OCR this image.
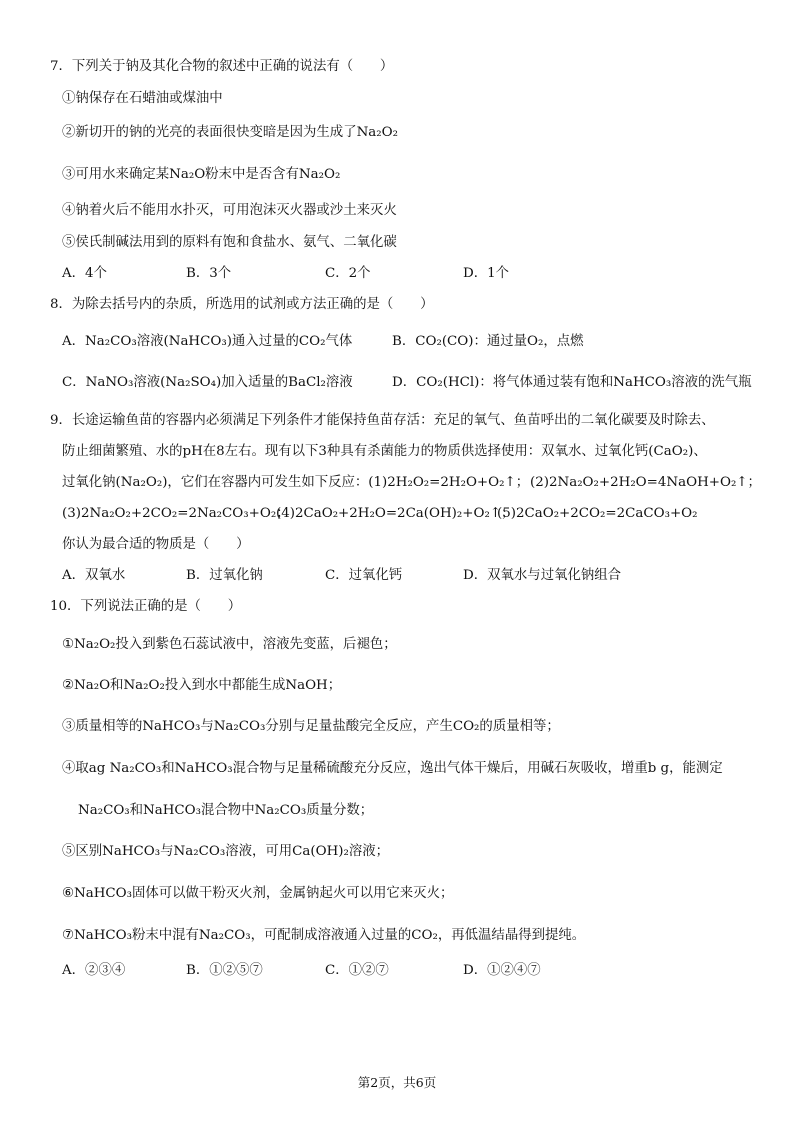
7．下列关于钠及其化合物的叙述中正确的说法有（　　）
①钠保存在石蜡油或煤油中
②新切开的钠的光亮的表面很快变暗是因为生成了Na₂O₂
③可用水来确定某Na₂O粉末中是否含有Na₂O₂
④钠着火后不能用水扑灭，可用泡沫灭火器或沙土来灭火
⑤侯氏制碱法用到的原料有饱和食盐水、氨气、二氧化碳
A．4个	B．3个	C．2个	D．1个
8．为除去括号内的杂质，所选用的试剂或方法正确的是（　　）
A．Na₂CO₃溶液(NaHCO₃)通入过量的CO₂气体	B．CO₂(CO)：通过量O₂，点燃
C．NaNO₃溶液(Na₂SO₄)加入适量的BaCl₂溶液	D．CO₂(HCl)：将气体通过装有饱和NaHCO₃溶液的洗气瓶
9．长途运输鱼苗的容器内必须满足下列条件才能保持鱼苗存活：充足的氧气、鱼苗呼出的二氧化碳要及时除去、
防止细菌繁殖、水的pH在8左右。现有以下3种具有杀菌能力的物质供选择使用：双氧水、过氧化钙(CaO₂)、
过氧化钠(Na₂O₂)，它们在容器内可发生如下反应：(1)2H₂O₂=2H₂O+O₂↑； (2)2Na₂O₂+2H₂O=4NaOH+O₂↑；
(3)2Na₂O₂+2CO₂=2Na₂CO₃+O₂；
(4)2CaO₂+2H₂O=2Ca(OH)₂+O₂↑；
(5)2CaO₂+2CO₂=2CaCO₃+O₂
你认为最合适的物质是（　　）
A．双氧水	B．过氧化钠	C．过氧化钙	D．双氧水与过氧化钠组合
10．下列说法正确的是（　　）
①Na₂O₂投入到紫色石蕊试液中，溶液先变蓝，后褪色；
②Na₂O和Na₂O₂投入到水中都能生成NaOH；
③质量相等的NaHCO₃与Na₂CO₃分别与足量盐酸完全反应，产生CO₂的质量相等；
④取ag Na₂CO₃和NaHCO₃混合物与足量稀硫酸充分反应，逸出气体干燥后，用碱石灰吸收，增重b g，能测定
Na₂CO₃和NaHCO₃混合物中Na₂CO₃质量分数；
⑤区别NaHCO₃与Na₂CO₃溶液，可用Ca(OH)₂溶液；
⑥NaHCO₃固体可以做干粉灭火剂，金属钠起火可以用它来灭火；
⑦NaHCO₃粉末中混有Na₂CO₃，可配制成溶液通入过量的CO₂，再低温结晶得到提纯。
A．②③④	B．①②⑤⑦	C．①②⑦	D．①②④⑦
第2页，共6页
